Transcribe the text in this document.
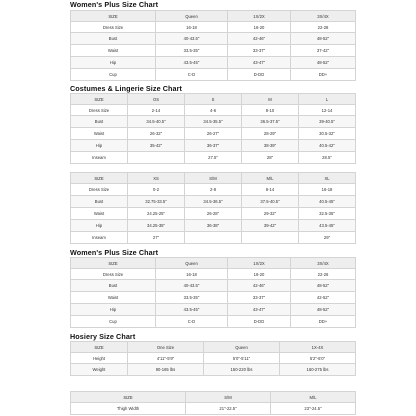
Women's Plus Size Chart
SIZE	Queen	1X/2X	3X/4X
Dress Size	16-18	16-20	22-28
Bust	40-43.5"	42-46"	48-52"
Waist	33.5-35"	33-37"	37-42"
Hip	43.5-45"	43-47"	48-52"
Cup	C-D	D-DD	DD+
Costumes & Lingerie Size Chart
SIZE	OS	S	M	L
Dress Size	2-14	4-6	8-10	12-14
Bust	34.5-40.5"	34.5-35.5"	36.5-37.5"	39-40.5"
Waist	26-32"	26-27"	28-29"	30.5-32"
Hip	35-42"	36-37"	38-39"	40.5-42"
Inseam		27.5"	28"	28.5"
SIZE	XS	S/M	M/L	XL
Dress Size	0-2	2-8	8-14	16-18
Bust	32.75-33.5"	34.5-36.5"	37.5-40.5"	40.5-45"
Waist	24.25-25"	26-28"	29-32"	32.5-35"
Hip	34.25-35"	36-38"	39-42"	43.5-45"
Inseam	27"			29"
Women's Plus Size Chart
SIZE	Queen	1X/2X	3X/4X
Dress Size	16-18	16-20	22-26
Bust	40-43.5"	42-46"	48-52"
Waist	33.5-35"	33-37"	42-52"
Hip	43.5-45"	43-47"	48-52"
Cup	C-D	D-DD	DD+
Hosiery Size Chart
SIZE	One Size	Queen	1X-4X
Height	4'11"-5'9"	5'0"-5'11"	5'2"-6'0"
Weight	90-165 lbs	150-220 lbs	160-275 lbs
SIZE	S/M	M/L
Thigh Width	21"-22.5"	23"-24.5"
